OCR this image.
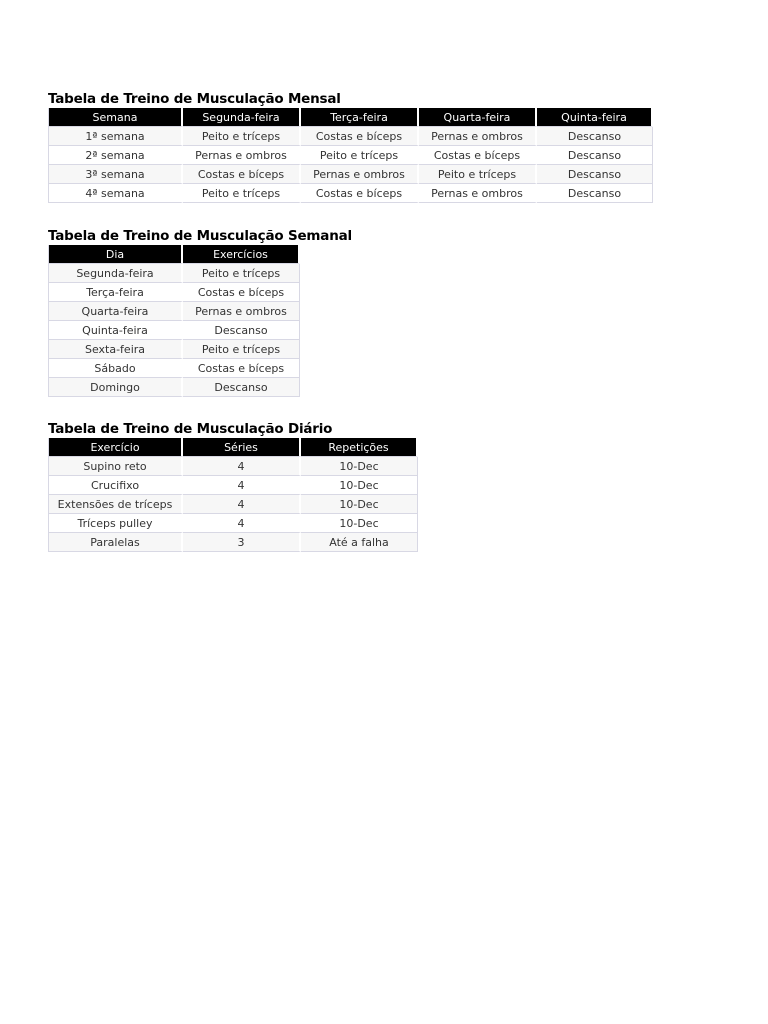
Tabela de Treino de Musculação Mensal
Semana	Segunda-feira	Terça-feira	Quarta-feira	Quinta-feira
1ª semana	Peito e tríceps	Costas e bíceps	Pernas e ombros	Descanso
2ª semana	Pernas e ombros	Peito e tríceps	Costas e bíceps	Descanso
3ª semana	Costas e bíceps	Pernas e ombros	Peito e tríceps	Descanso
4ª semana	Peito e tríceps	Costas e bíceps	Pernas e ombros	Descanso
Tabela de Treino de Musculação Semanal
Dia	Exercícios
Segunda-feira	Peito e tríceps
Terça-feira	Costas e bíceps
Quarta-feira	Pernas e ombros
Quinta-feira	Descanso
Sexta-feira	Peito e tríceps
Sábado	Costas e bíceps
Domingo	Descanso
Tabela de Treino de Musculação Diário
Exercício	Séries	Repetições
Supino reto	4	10-Dec
Crucifixo	4	10-Dec
Extensões de tríceps	4	10-Dec
Tríceps pulley	4	10-Dec
Paralelas	3	Até a falha
